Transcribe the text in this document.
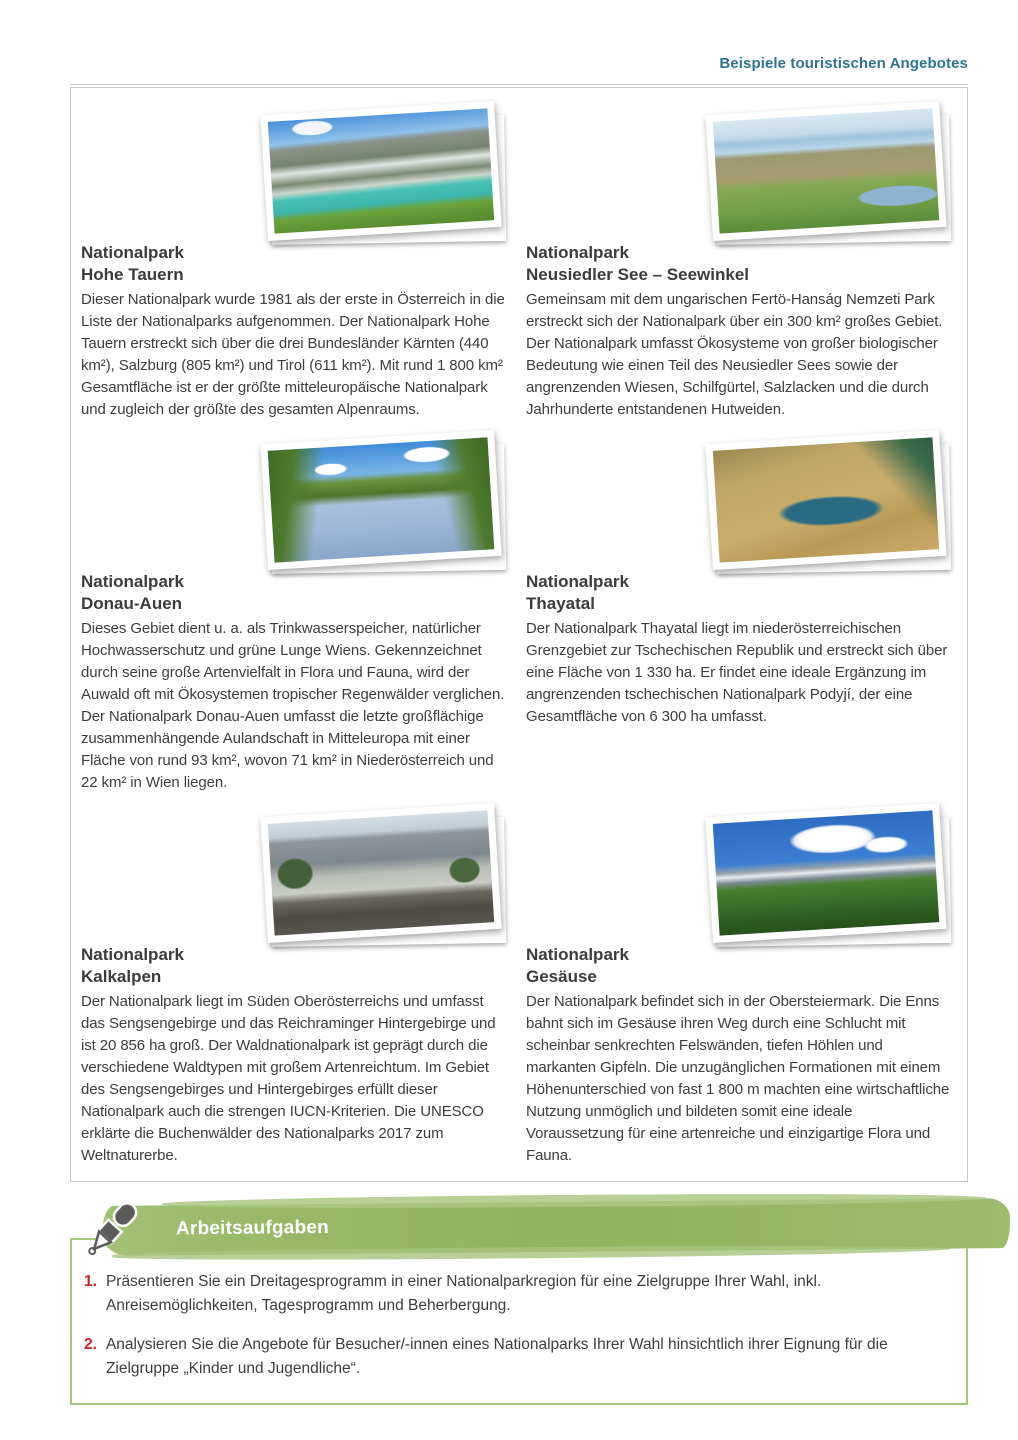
Beispiele touristischen Angebotes
Nationalpark
Hohe Tauern

Dieser Nationalpark wurde 1981 als der erste in Österreich in die Liste der Nationalparks aufgenommen. Der Nationalpark Hohe Tauern erstreckt sich über die drei Bundesländer Kärnten (440 km²), Salzburg (805 km²) und Tirol (611 km²). Mit rund 1 800 km² Gesamtfläche ist er der größte mitteleuropäische Nationalpark und zugleich der größte des gesamten Alpenraums.

Nationalpark
Neusiedler See – Seewinkel

Gemeinsam mit dem ungarischen Fertö-Hanság Nemzeti Park erstreckt sich der Nationalpark über ein 300 km² großes Gebiet. Der Nationalpark umfasst Ökosysteme von großer biologischer Bedeutung wie einen Teil des Neusiedler Sees sowie der angrenzenden Wiesen, Schilfgürtel, Salzlacken und die durch Jahrhunderte entstandenen Hutweiden.

Nationalpark
Donau-Auen

Dieses Gebiet dient u. a. als Trinkwasserspeicher, natürlicher Hochwasserschutz und grüne Lunge Wiens. Gekennzeichnet durch seine große Artenvielfalt in Flora und Fauna, wird der Auwald oft mit Ökosystemen tropischer Regenwälder verglichen. Der Nationalpark Donau-Auen umfasst die letzte großflächige zusammenhängende Aulandschaft in Mitteleuropa mit einer Fläche von rund 93 km², wovon 71 km² in Niederösterreich und 22 km² in Wien liegen.

Nationalpark
Thayatal

Der Nationalpark Thayatal liegt im niederösterreichischen Grenzgebiet zur Tschechischen Republik und erstreckt sich über eine Fläche von 1 330 ha. Er findet eine ideale Ergänzung im angrenzenden tschechischen Nationalpark Podyjí, der eine Gesamtfläche von 6 300 ha umfasst.

Nationalpark
Kalkalpen

Der Nationalpark liegt im Süden Oberösterreichs und umfasst das Sengsengebirge und das Reichraminger Hintergebirge und ist 20 856 ha groß. Der Waldnationalpark ist geprägt durch die verschiedene Waldtypen mit großem Artenreichtum. Im Gebiet des Sengsengebirges und Hintergebirges erfüllt dieser Nationalpark auch die strengen IUCN-Kriterien. Die UNESCO erklärte die Buchenwälder des Nationalparks 2017 zum Weltnaturerbe.

Nationalpark
Gesäuse

Der Nationalpark befindet sich in der Obersteiermark. Die Enns bahnt sich im Gesäuse ihren Weg durch eine Schlucht mit scheinbar senkrechten Felswänden, tiefen Höhlen und markanten Gipfeln. Die unzugänglichen Formationen mit einem Höhenunterschied von fast 1 800 m machten eine wirtschaftliche Nutzung unmöglich und bildeten somit eine ideale Voraussetzung für eine artenreiche und einzigartige Flora und Fauna.

Arbeitsaufgaben
1. Präsentieren Sie ein Dreitagesprogramm in einer Nationalparkregion für eine Zielgruppe Ihrer Wahl, inkl. Anreisemöglichkeiten, Tagesprogramm und Beherbergung.
2. Analysieren Sie die Angebote für Besucher/-innen eines Nationalparks Ihrer Wahl hinsichtlich ihrer Eignung für die Zielgruppe „Kinder und Jugendliche“.
